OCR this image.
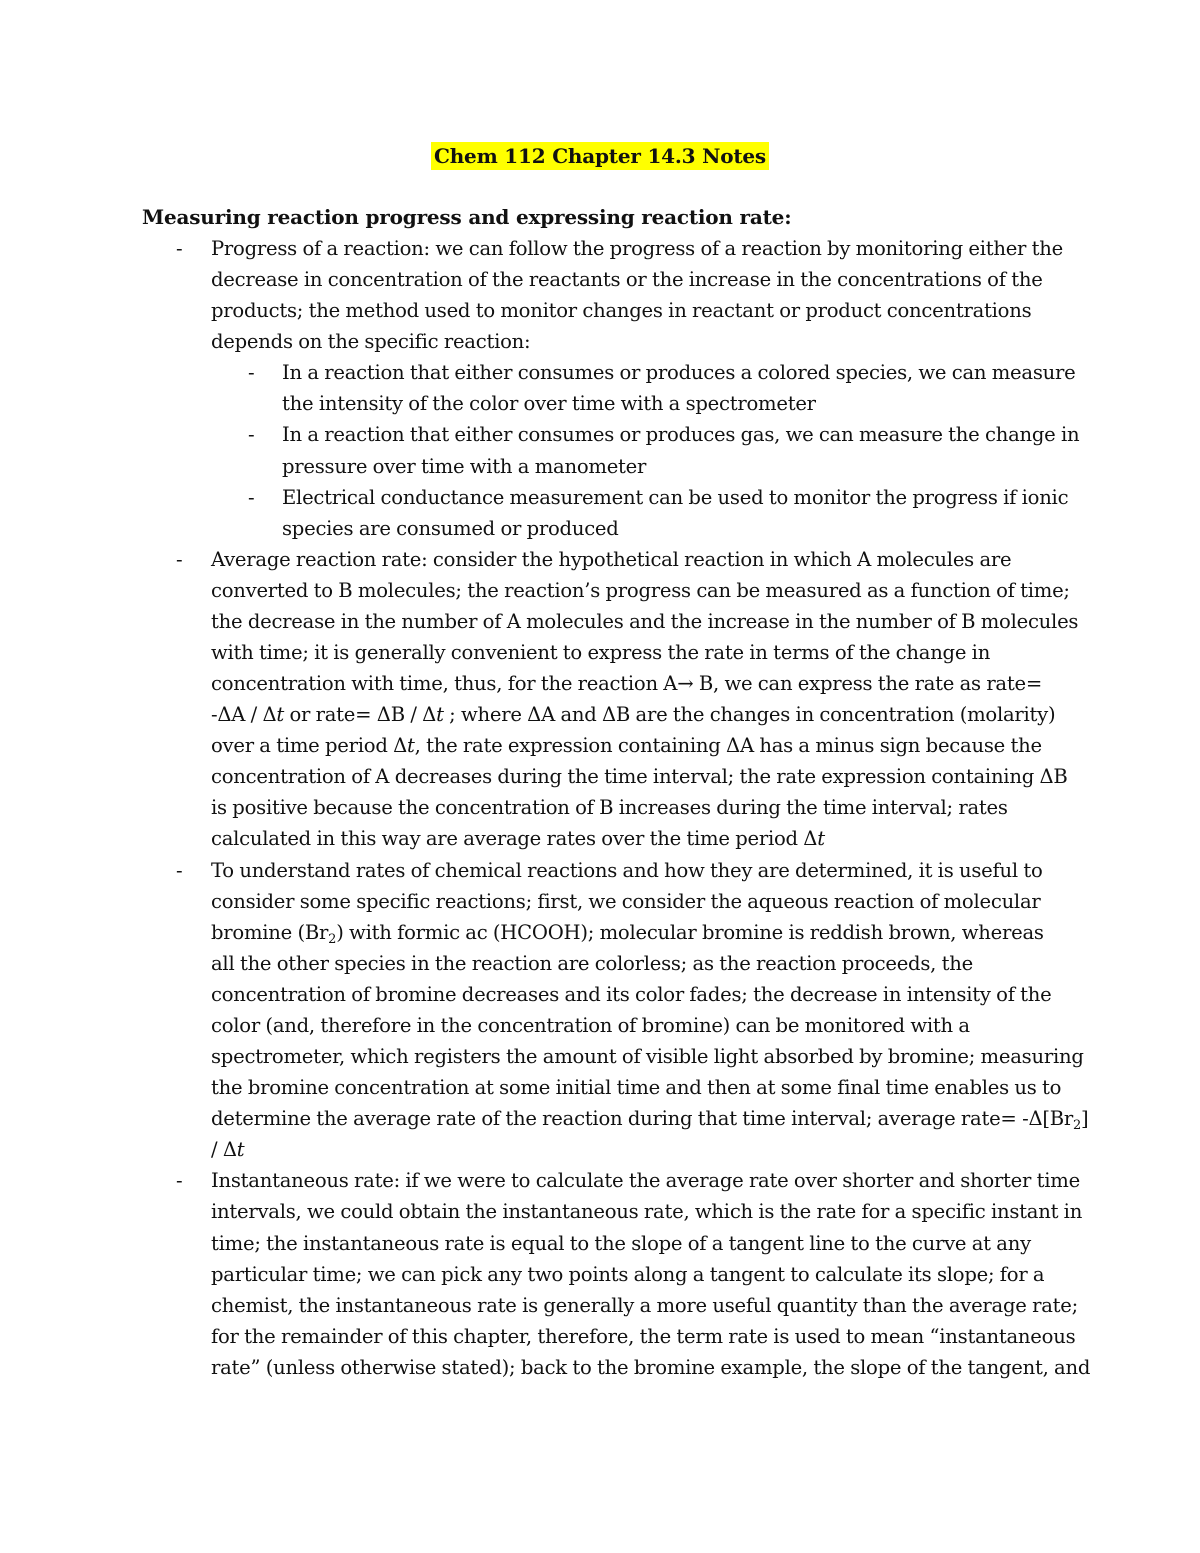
Chem 112 Chapter 14.3 Notes
Measuring reaction progress and expressing reaction rate:
- Progress of a reaction: we can follow the progress of a reaction by monitoring either the
decrease in concentration of the reactants or the increase in the concentrations of the
products; the method used to monitor changes in reactant or product concentrations
depends on the specific reaction:
- In a reaction that either consumes or produces a colored species, we can measure
the intensity of the color over time with a spectrometer
- In a reaction that either consumes or produces gas, we can measure the change in
pressure over time with a manometer
- Electrical conductance measurement can be used to monitor the progress if ionic
species are consumed or produced
- Average reaction rate: consider the hypothetical reaction in which A molecules are
converted to B molecules; the reaction’s progress can be measured as a function of time;
the decrease in the number of A molecules and the increase in the number of B molecules
with time; it is generally convenient to express the rate in terms of the change in
concentration with time, thus, for the reaction A→ B, we can express the rate as rate=
-ΔA / Δt or rate= ΔB / Δt ; where ΔA and ΔB are the changes in concentration (molarity)
over a time period Δt, the rate expression containing ΔA has a minus sign because the
concentration of A decreases during the time interval; the rate expression containing ΔB
is positive because the concentration of B increases during the time interval; rates
calculated in this way are average rates over the time period Δt
- To understand rates of chemical reactions and how they are determined, it is useful to
consider some specific reactions; first, we consider the aqueous reaction of molecular
bromine $(Br_2)$ with formic ac (HCOOH); molecular bromine is reddish brown, whereas
all the other species in the reaction are colorless; as the reaction proceeds, the
concentration of bromine decreases and its color fades; the decrease in intensity of the
color (and, therefore in the concentration of bromine) can be monitored with a
spectrometer, which registers the amount of visible light absorbed by bromine; measuring
the bromine concentration at some initial time and then at some final time enables us to
determine the average rate of the reaction during that time interval; average rate= $-\Delta[Br_2]$
/ Δt
- Instantaneous rate: if we were to calculate the average rate over shorter and shorter time
intervals, we could obtain the instantaneous rate, which is the rate for a specific instant in
time; the instantaneous rate is equal to the slope of a tangent line to the curve at any
particular time; we can pick any two points along a tangent to calculate its slope; for a
chemist, the instantaneous rate is generally a more useful quantity than the average rate;
for the remainder of this chapter, therefore, the term rate is used to mean “instantaneous
rate” (unless otherwise stated); back to the bromine example, the slope of the tangent, and
